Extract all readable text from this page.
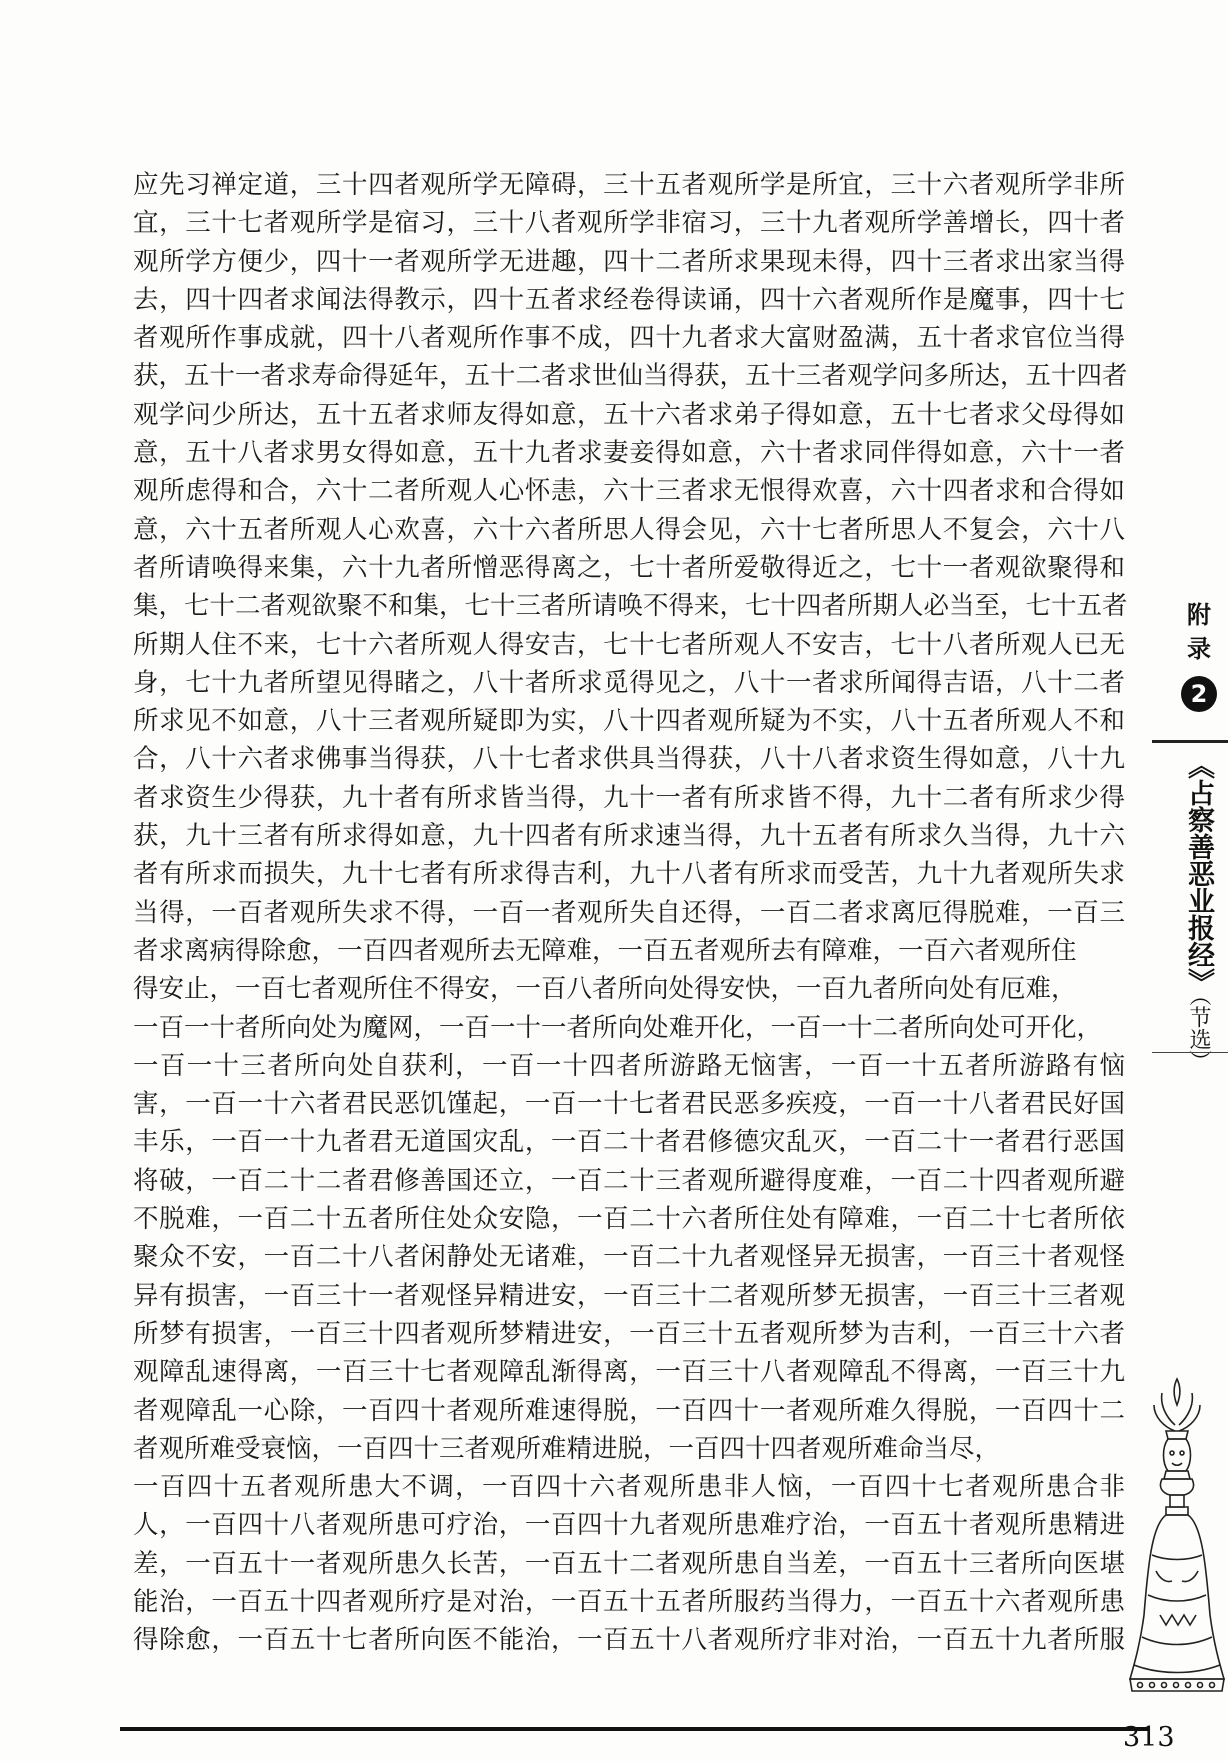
应先习禅定道，三十四者观所学无障碍，三十五者观所学是所宜，三十六者观所学非所
宜，三十七者观所学是宿习，三十八者观所学非宿习，三十九者观所学善增长，四十者
观所学方便少，四十一者观所学无进趣，四十二者所求果现未得，四十三者求出家当得
去，四十四者求闻法得教示，四十五者求经卷得读诵，四十六者观所作是魔事，四十七
者观所作事成就，四十八者观所作事不成，四十九者求大富财盈满，五十者求官位当得
获，五十一者求寿命得延年，五十二者求世仙当得获，五十三者观学问多所达，五十四者
观学问少所达，五十五者求师友得如意，五十六者求弟子得如意，五十七者求父母得如
意，五十八者求男女得如意，五十九者求妻妾得如意，六十者求同伴得如意，六十一者
观所虑得和合，六十二者所观人心怀恚，六十三者求无恨得欢喜，六十四者求和合得如
意，六十五者所观人心欢喜，六十六者所思人得会见，六十七者所思人不复会，六十八
者所请唤得来集，六十九者所憎恶得离之，七十者所爱敬得近之，七十一者观欲聚得和
集，七十二者观欲聚不和集，七十三者所请唤不得来，七十四者所期人必当至，七十五者
所期人住不来，七十六者所观人得安吉，七十七者所观人不安吉，七十八者所观人已无
身，七十九者所望见得睹之，八十者所求觅得见之，八十一者求所闻得吉语，八十二者
所求见不如意，八十三者观所疑即为实，八十四者观所疑为不实，八十五者所观人不和
合，八十六者求佛事当得获，八十七者求供具当得获，八十八者求资生得如意，八十九
者求资生少得获，九十者有所求皆当得，九十一者有所求皆不得，九十二者有所求少得
获，九十三者有所求得如意，九十四者有所求速当得，九十五者有所求久当得，九十六
者有所求而损失，九十七者有所求得吉利，九十八者有所求而受苦，九十九者观所失求
当得，一百者观所失求不得，一百一者观所失自还得，一百二者求离厄得脱难，一百三
者求离病得除愈，一百四者观所去无障难，一百五者观所去有障难，一百六者观所住
得安止，一百七者观所住不得安，一百八者所向处得安快，一百九者所向处有厄难，
一百一十者所向处为魔网，一百一十一者所向处难开化，一百一十二者所向处可开化，
一百一十三者所向处自获利，一百一十四者所游路无恼害，一百一十五者所游路有恼
害，一百一十六者君民恶饥馑起，一百一十七者君民恶多疾疫，一百一十八者君民好国
丰乐，一百一十九者君无道国灾乱，一百二十者君修德灾乱灭，一百二十一者君行恶国
将破，一百二十二者君修善国还立，一百二十三者观所避得度难，一百二十四者观所避
不脱难，一百二十五者所住处众安隐，一百二十六者所住处有障难，一百二十七者所依
聚众不安，一百二十八者闲静处无诸难，一百二十九者观怪异无损害，一百三十者观怪
异有损害，一百三十一者观怪异精进安，一百三十二者观所梦无损害，一百三十三者观
所梦有损害，一百三十四者观所梦精进安，一百三十五者观所梦为吉利，一百三十六者
观障乱速得离，一百三十七者观障乱渐得离，一百三十八者观障乱不得离，一百三十九
者观障乱一心除，一百四十者观所难速得脱，一百四十一者观所难久得脱，一百四十二
者观所难受衰恼，一百四十三者观所难精进脱，一百四十四者观所难命当尽，
一百四十五者观所患大不调，一百四十六者观所患非人恼，一百四十七者观所患合非
人，一百四十八者观所患可疗治，一百四十九者观所患难疗治，一百五十者观所患精进
差，一百五十一者观所患久长苦，一百五十二者观所患自当差，一百五十三者所向医堪
能治，一百五十四者观所疗是对治，一百五十五者所服药当得力，一百五十六者观所患
得除愈，一百五十七者所向医不能治，一百五十八者观所疗非对治，一百五十九者所服
附
录
2
《占察善恶业报经》（节选）
313
